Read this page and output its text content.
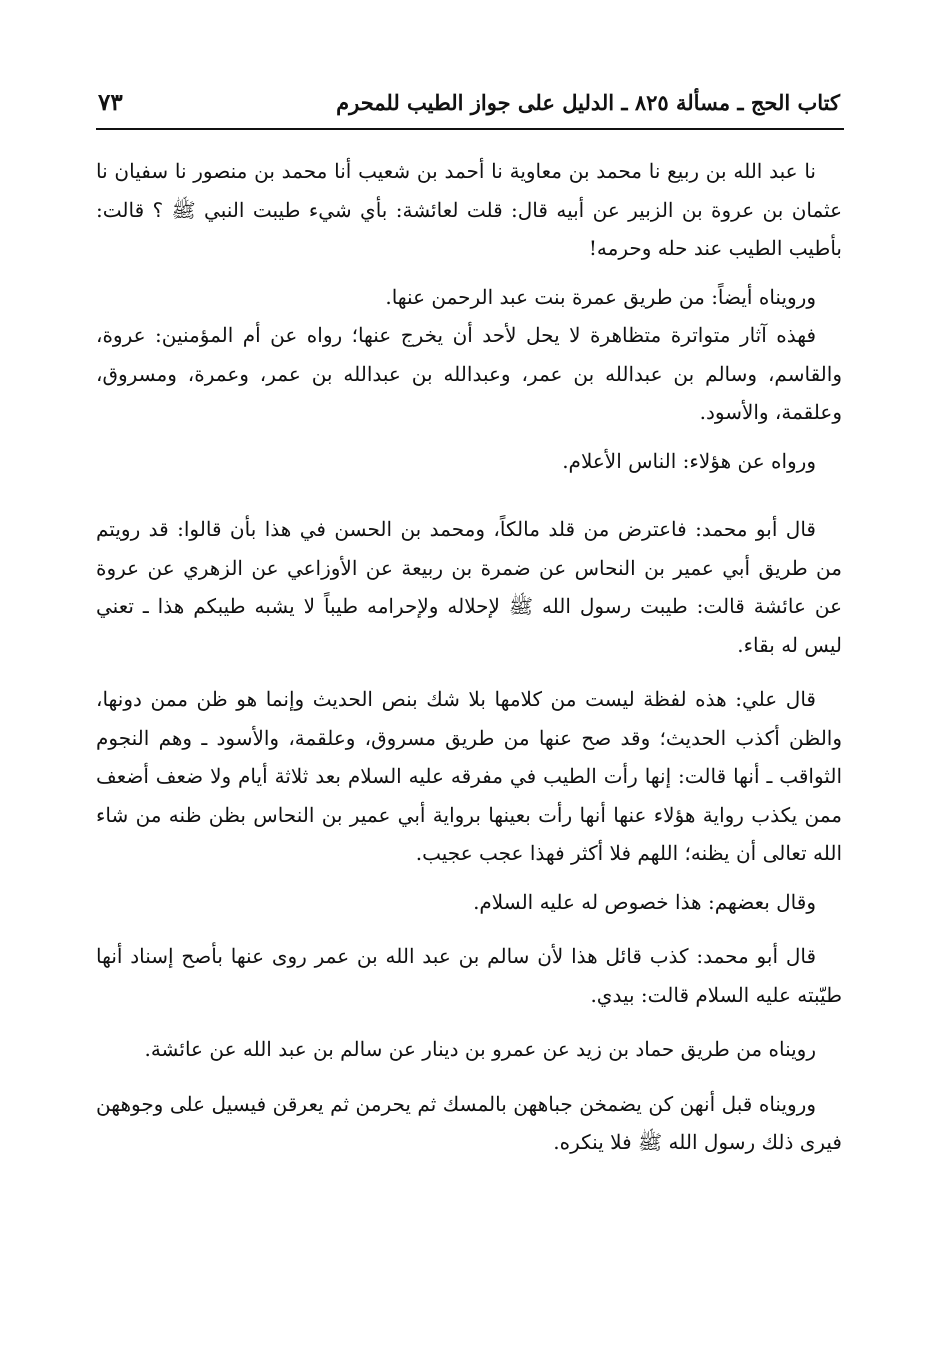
كتاب الحج ـ مسألة ٨٢٥ ـ الدليل على جواز الطيب للمحرم
٧٣

نا عبد الله بن ربيع نا محمد بن معاوية نا أحمد بن شعيب أنا محمد بن منصور نا سفيان نا عثمان بن عروة بن الزبير عن أبيه قال: قلت لعائشة: بأي شيء طيبت النبي ﷺ ؟ قالت: بأطيب الطيب عند حله وحرمه!

ورويناه أيضاً: من طريق عمرة بنت عبد الرحمن عنها.

فهذه آثار متواترة متظاهرة لا يحل لأحد أن يخرج عنها؛ رواه عن أم المؤمنين: عروة، والقاسم، وسالم بن عبدالله بن عمر، وعبدالله بن عبدالله بن عمر، وعمرة، ومسروق، وعلقمة، والأسود.

ورواه عن هؤلاء: الناس الأعلام.

قال أبو محمد: فاعترض من قلد مالكاً، ومحمد بن الحسن في هذا بأن قالوا: قد رويتم من طريق أبي عمير بن النحاس عن ضمرة بن ربيعة عن الأوزاعي عن الزهري عن عروة عن عائشة قالت: طيبت رسول الله ﷺ لإحلاله ولإحرامه طيباً لا يشبه طيبكم هذا ـ تعني ليس له بقاء.

قال علي: هذه لفظة ليست من كلامها بلا شك بنص الحديث وإنما هو ظن ممن دونها، والظن أكذب الحديث؛ وقد صح عنها من طريق مسروق، وعلقمة، والأسود ـ وهم النجوم الثواقب ـ أنها قالت: إنها رأت الطيب في مفرقه عليه السلام بعد ثلاثة أيام ولا ضعف أضعف ممن يكذب رواية هؤلاء عنها أنها رأت بعينها برواية أبي عمير بن النحاس بظن ظنه من شاء الله تعالى أن يظنه؛ اللهم فلا أكثر فهذا عجب عجيب.

وقال بعضهم: هذا خصوص له عليه السلام.

قال أبو محمد: كذب قائل هذا لأن سالم بن عبد الله بن عمر روى عنها بأصح إسناد أنها طيّبته عليه السلام قالت: بيدي.

رويناه من طريق حماد بن زيد عن عمرو بن دينار عن سالم بن عبد الله عن عائشة.

ورويناه قبل أنهن كن يضمخن جباههن بالمسك ثم يحرمن ثم يعرقن فيسيل على وجوههن فيرى ذلك رسول الله ﷺ فلا ينكره.
